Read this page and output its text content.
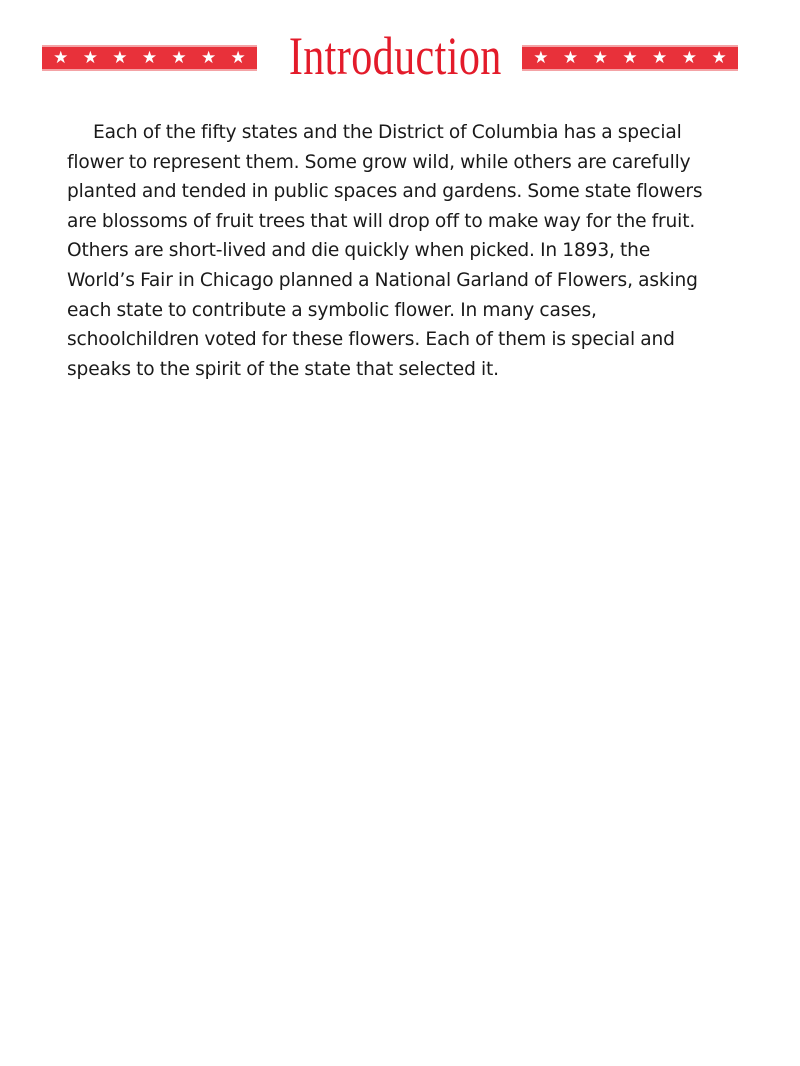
★ ★ ★ ★ ★ ★ ★ Introduction ★ ★ ★ ★ ★ ★ ★

Each of the fifty states and the District of Columbia has a special flower to represent them. Some grow wild, while others are carefully planted and tended in public spaces and gardens. Some state flowers are blossoms of fruit trees that will drop off to make way for the fruit. Others are short-lived and die quickly when picked. In 1893, the World’s Fair in Chicago planned a National Garland of Flowers, asking each state to contribute a symbolic flower. In many cases, schoolchildren voted for these flowers. Each of them is special and speaks to the spirit of the state that selected it.
